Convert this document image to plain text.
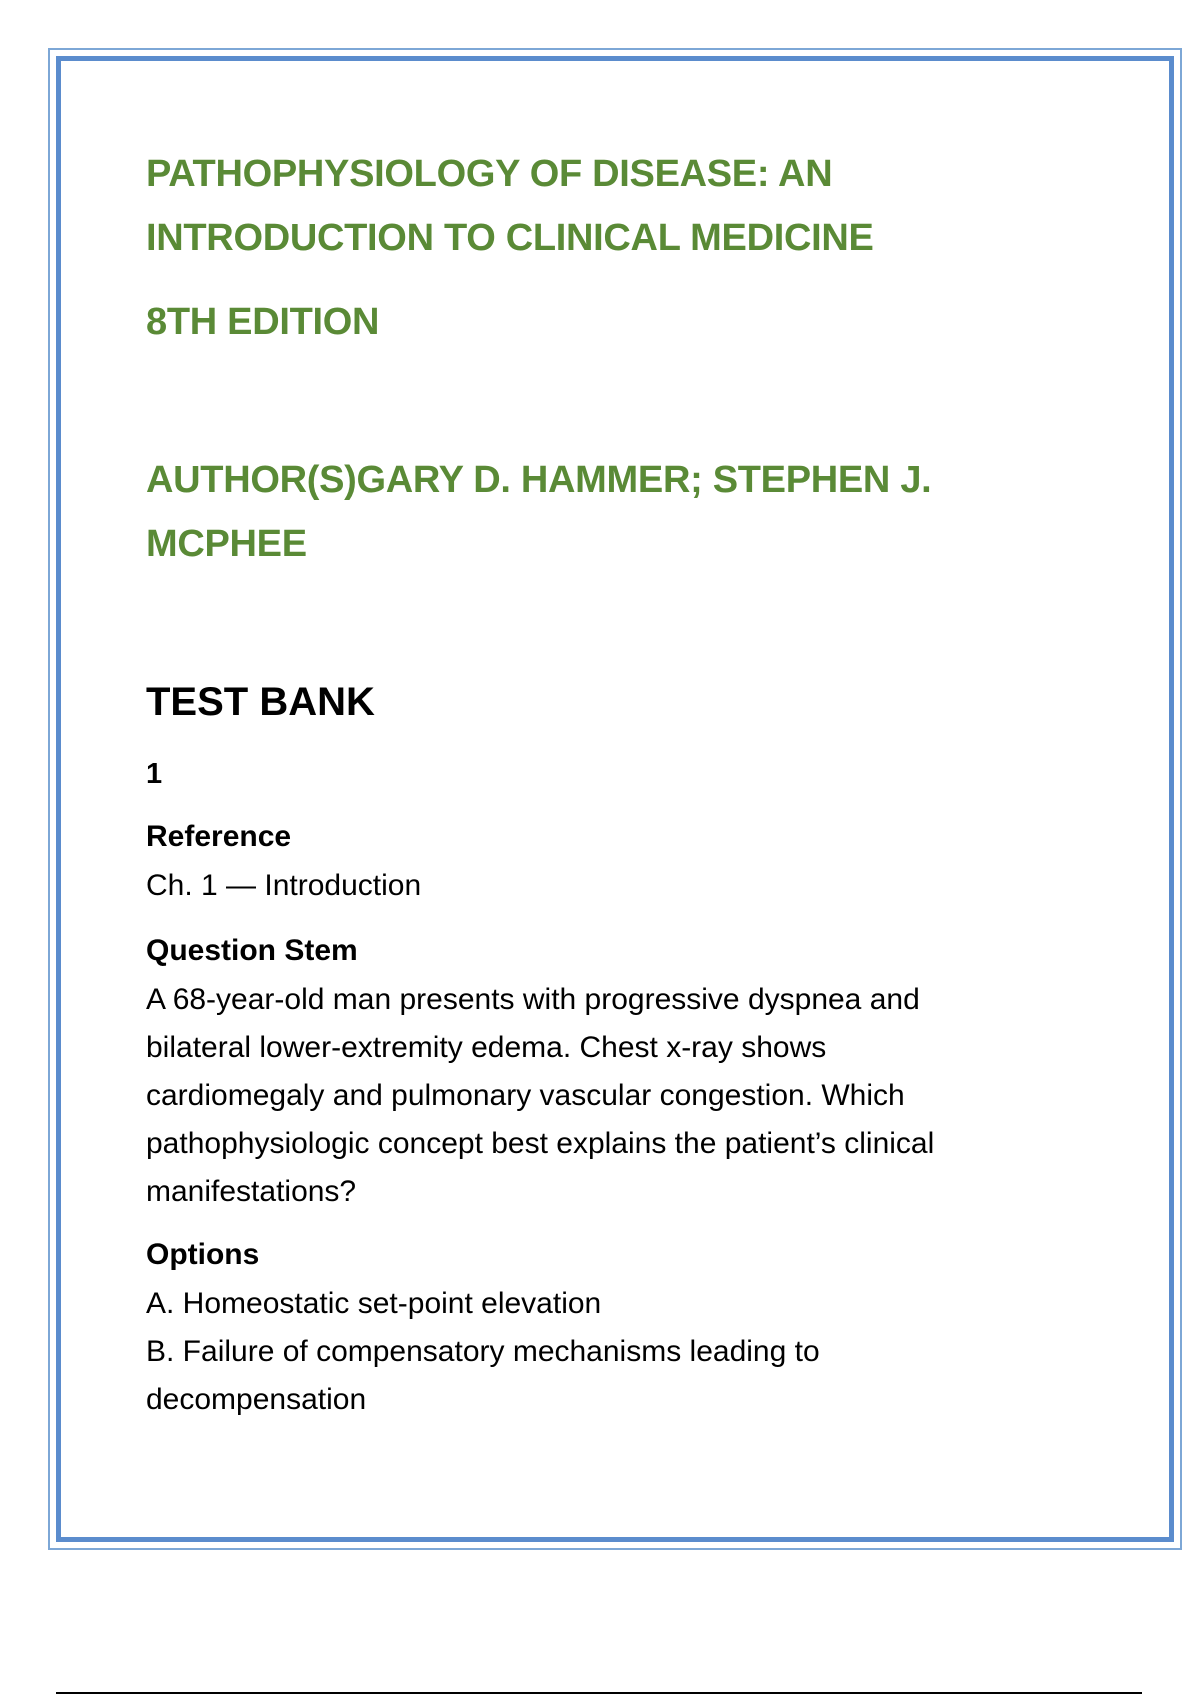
PATHOPHYSIOLOGY OF DISEASE: AN

INTRODUCTION TO CLINICAL MEDICINE

8TH EDITION

AUTHOR(S)GARY D. HAMMER; STEPHEN J.

MCPHEE

TEST BANK

1
Reference
Ch. 1 — Introduction
Question Stem
A 68-year-old man presents with progressive dyspnea and
bilateral lower-extremity edema. Chest x-ray shows
cardiomegaly and pulmonary vascular congestion. Which
pathophysiologic concept best explains the patient’s clinical
manifestations?
Options

A. Homeostatic set-point elevation

B. Failure of compensatory mechanisms leading to

decompensation
